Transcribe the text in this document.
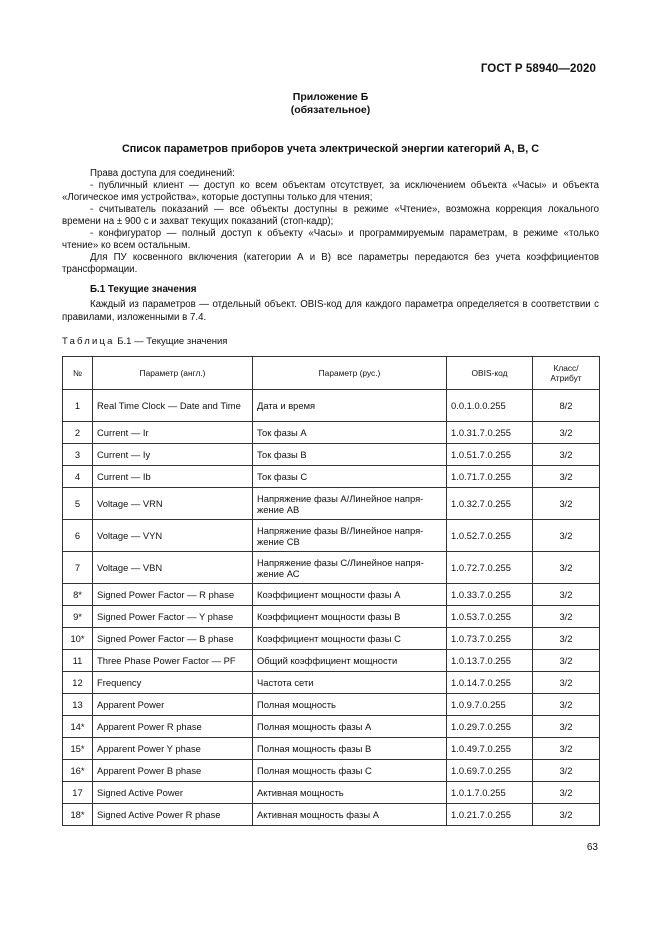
ГОСТ Р 58940—2020
Приложение Б
(обязательное)
Список параметров приборов учета электрической энергии категорий А, В, С

Права доступа для соединений:

- публичный клиент — доступ ко всем объектам отсутствует, за исключением объекта «Часы» и объекта «Логическое имя устройства», которые доступны только для чтения;

- считыватель показаний — все объекты доступны в режиме «Чтение», возможна коррекция локального времени на ± 900 с и захват текущих показаний (стоп-кадр);

- конфигуратор — полный доступ к объекту «Часы» и программируемым параметрам, в режиме «только чтение» ко всем остальным.

Для ПУ косвенного включения (категории А и В) все параметры передаются без учета коэффициентов трансформации.

Б.1 Текущие значения

Каждый из параметров — отдельный объект. OBIS-код для каждого параметра определяется в соответствии с правилами, изложенными в 7.4.

Таблица Б.1 — Текущие значения
№	Параметр (англ.)	Параметр (рус.)	OBIS-код	Класс/ Атрибут
1	Real Time Clock — Date and Time	Дата и время	0.0.1.0.0.255	8/2
2	Current — Ir	Ток фазы А	1.0.31.7.0.255	3/2
3	Current — Iy	Ток фазы В	1.0.51.7.0.255	3/2
4	Current — Ib	Ток фазы С	1.0.71.7.0.255	3/2
5	Voltage — VRN	Напряжение фазы А/Линейное напряжение АВ	1.0.32.7.0.255	3/2
6	Voltage — VYN	Напряжение фазы В/Линейное напряжение СВ	1.0.52.7.0.255	3/2
7	Voltage — VBN	Напряжение фазы С/Линейное напряжение АС	1.0.72.7.0.255	3/2
8*	Signed Power Factor — R phase	Коэффициент мощности фазы А	1.0.33.7.0.255	3/2
9*	Signed Power Factor — Y phase	Коэффициент мощности фазы В	1.0.53.7.0.255	3/2
10*	Signed Power Factor — B phase	Коэффициент мощности фазы С	1.0.73.7.0.255	3/2
11	Three Phase Power Factor — PF	Общий коэффициент мощности	1.0.13.7.0.255	3/2
12	Frequency	Частота сети	1.0.14.7.0.255	3/2
13	Apparent Power	Полная мощность	1.0.9.7.0.255	3/2
14*	Apparent Power R phase	Полная мощность фазы А	1.0.29.7.0.255	3/2
15*	Apparent Power Y phase	Полная мощность фазы В	1.0.49.7.0.255	3/2
16*	Apparent Power B phase	Полная мощность фазы С	1.0.69.7.0.255	3/2
17	Signed Active Power	Активная мощность	1.0.1.7.0.255	3/2
18*	Signed Active Power R phase	Активная мощность фазы А	1.0.21.7.0.255	3/2
63
